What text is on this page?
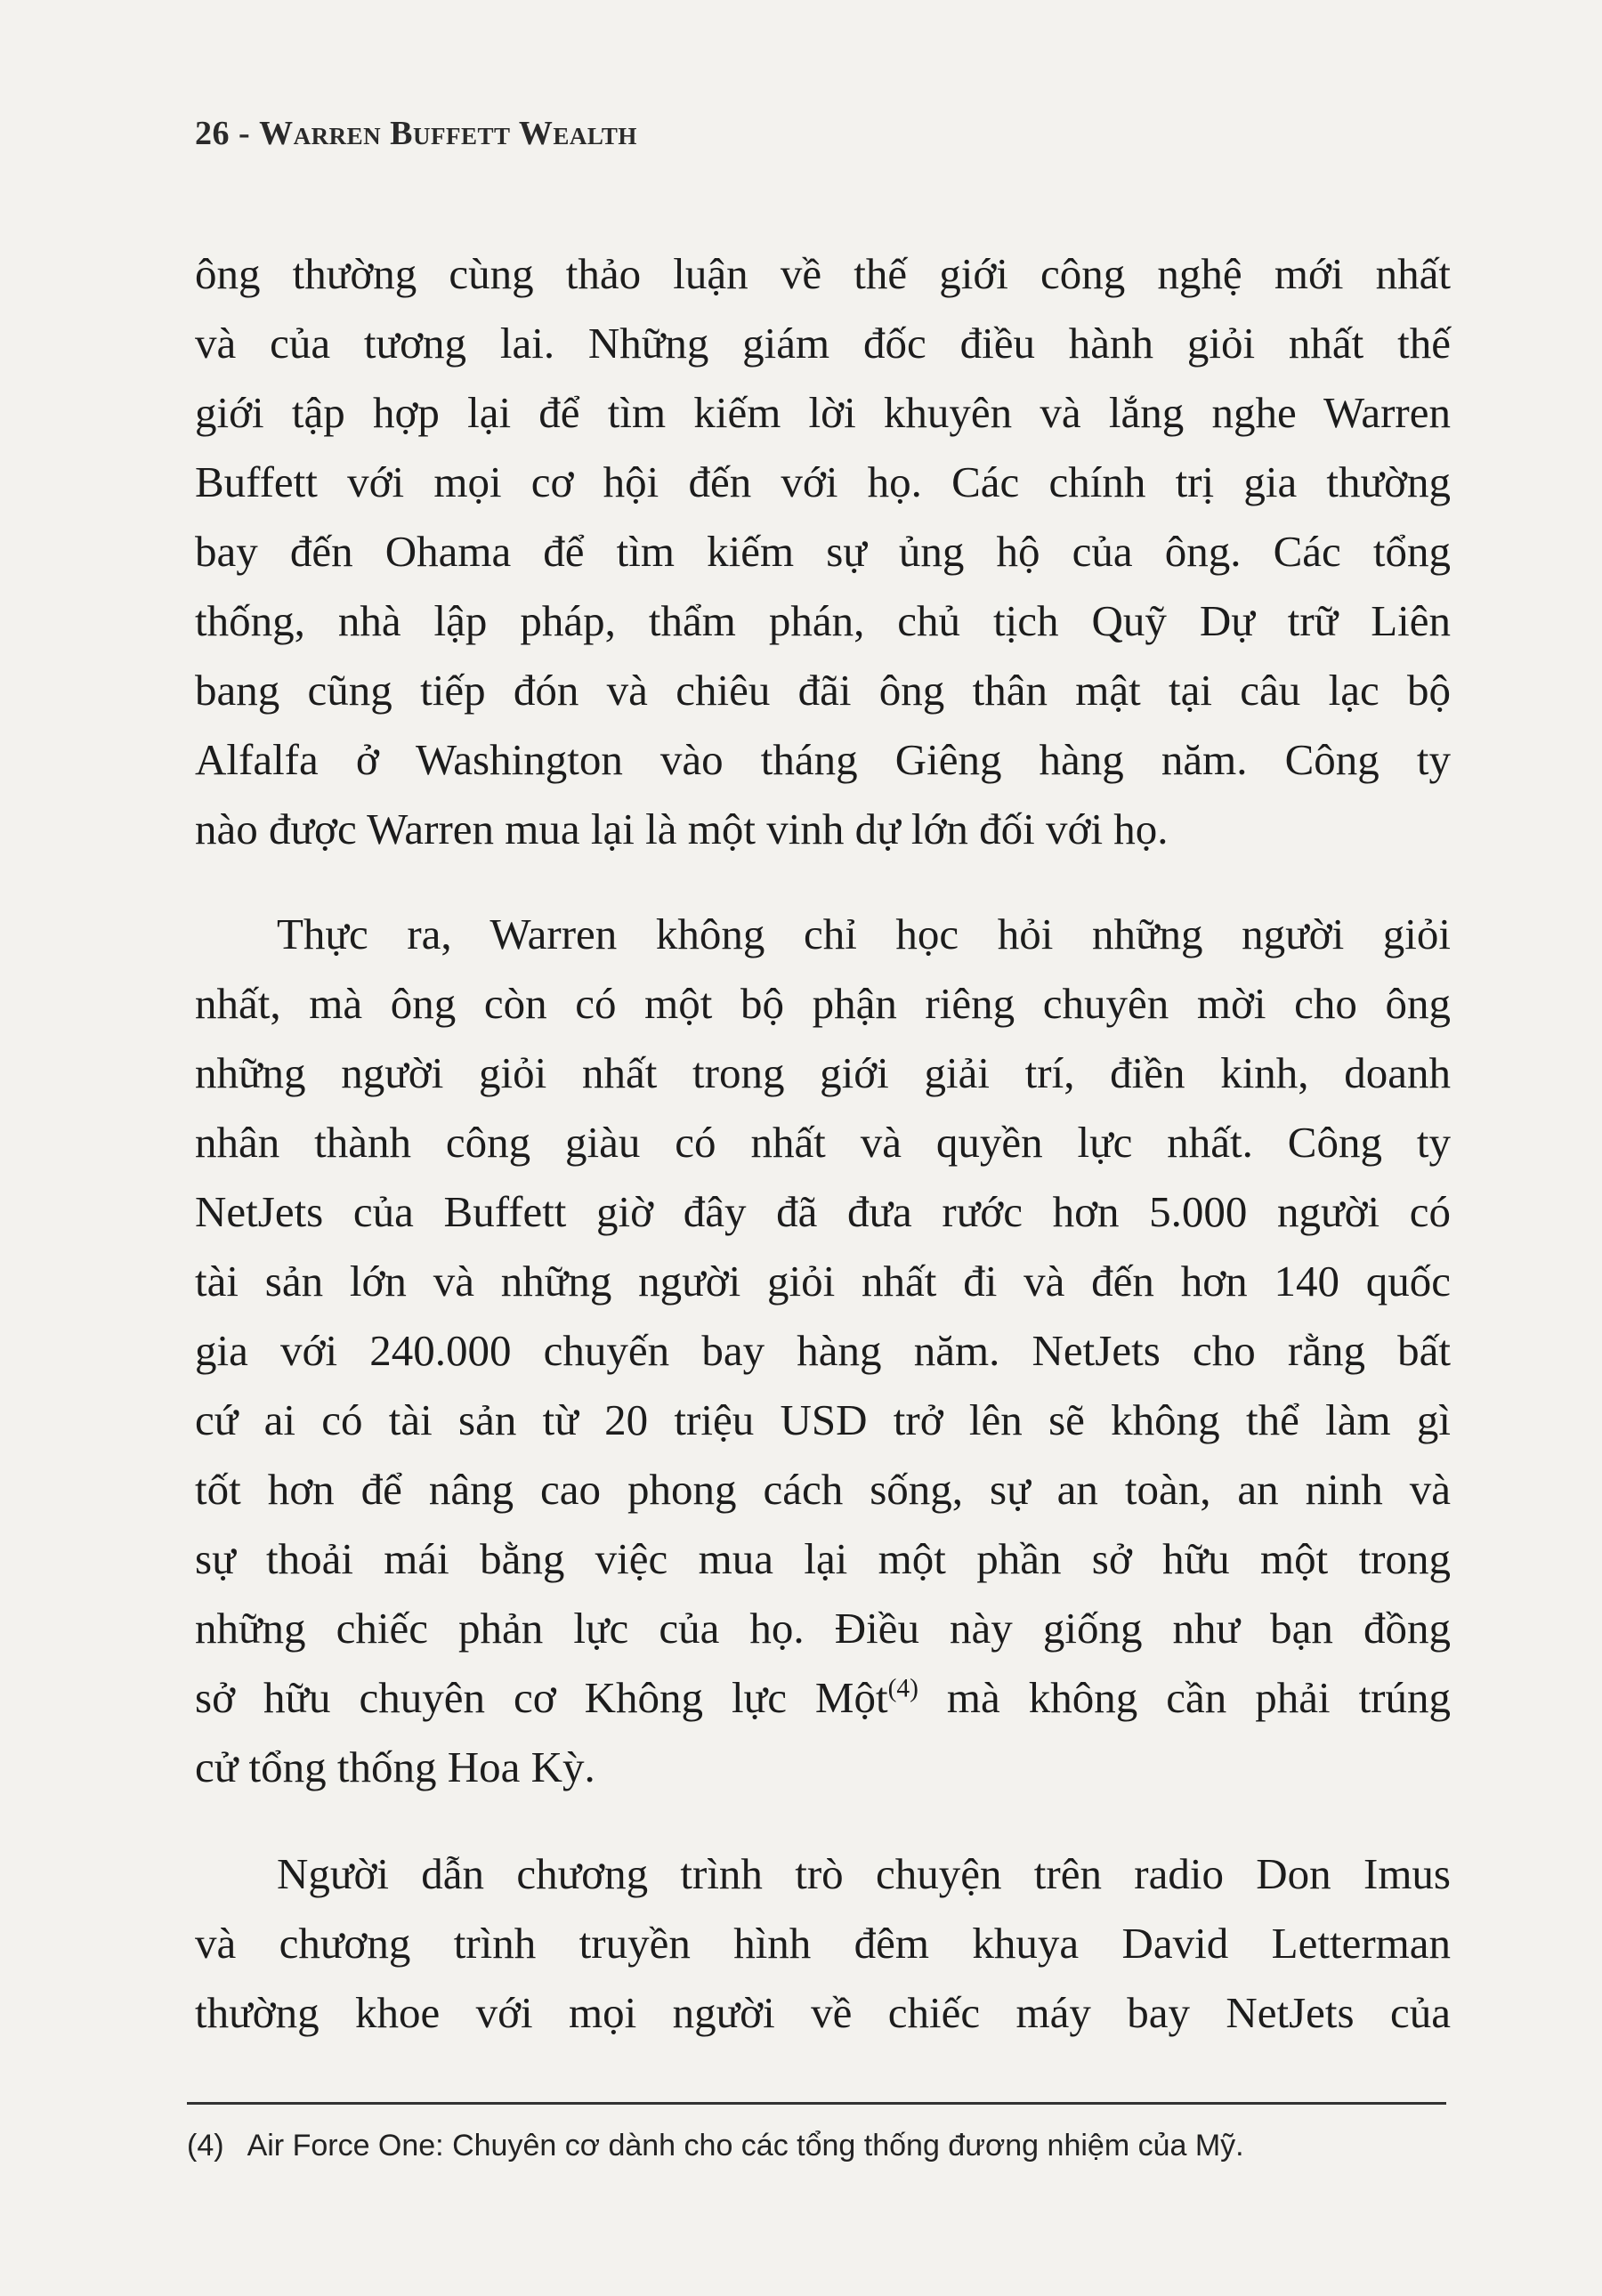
26 - Warren Buffett Wealth
ông thường cùng thảo luận về thế giới công nghệ mới nhất
và của tương lai. Những giám đốc điều hành giỏi nhất thế
giới tập hợp lại để tìm kiếm lời khuyên và lắng nghe Warren
Buffett với mọi cơ hội đến với họ. Các chính trị gia thường
bay đến Ohama để tìm kiếm sự ủng hộ của ông. Các tổng
thống, nhà lập pháp, thẩm phán, chủ tịch Quỹ Dự trữ Liên
bang cũng tiếp đón và chiêu đãi ông thân mật tại câu lạc bộ
Alfalfa ở Washington vào tháng Giêng hàng năm. Công ty
nào được Warren mua lại là một vinh dự lớn đối với họ.
Thực ra, Warren không chỉ học hỏi những người giỏi
nhất, mà ông còn có một bộ phận riêng chuyên mời cho ông
những người giỏi nhất trong giới giải trí, điền kinh, doanh
nhân thành công giàu có nhất và quyền lực nhất. Công ty
NetJets của Buffett giờ đây đã đưa rước hơn 5.000 người có
tài sản lớn và những người giỏi nhất đi và đến hơn 140 quốc
gia với 240.000 chuyến bay hàng năm. NetJets cho rằng bất
cứ ai có tài sản từ 20 triệu USD trở lên sẽ không thể làm gì
tốt hơn để nâng cao phong cách sống, sự an toàn, an ninh và
sự thoải mái bằng việc mua lại một phần sở hữu một trong
những chiếc phản lực của họ. Điều này giống như bạn đồng
sở hữu chuyên cơ Không lực Một$^{(4)}$ mà không cần phải trúng
cử tổng thống Hoa Kỳ.
Người dẫn chương trình trò chuyện trên radio Don Imus
và chương trình truyền hình đêm khuya David Letterman
thường khoe với mọi người về chiếc máy bay NetJets của
(4) Air Force One: Chuyên cơ dành cho các tổng thống đương nhiệm của Mỹ.
